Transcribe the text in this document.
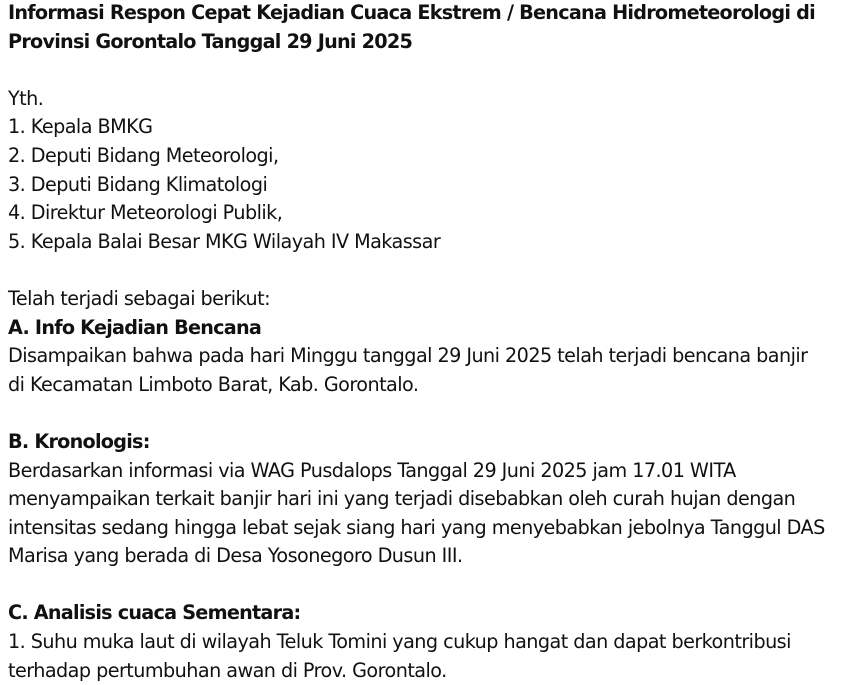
Informasi Respon Cepat Kejadian Cuaca Ekstrem / Bencana Hidrometeorologi di
Provinsi Gorontalo Tanggal 29 Juni 2025
Yth.
1. Kepala BMKG
2. Deputi Bidang Meteorologi,
3. Deputi Bidang Klimatologi
4. Direktur Meteorologi Publik,
5. Kepala Balai Besar MKG Wilayah IV Makassar
Telah terjadi sebagai berikut:
A. Info Kejadian Bencana
Disampaikan bahwa pada hari Minggu tanggal 29 Juni 2025 telah terjadi bencana banjir
di Kecamatan Limboto Barat, Kab. Gorontalo.
B. Kronologis:
Berdasarkan informasi via WAG Pusdalops Tanggal 29 Juni 2025 jam 17.01 WITA
menyampaikan terkait banjir hari ini yang terjadi disebabkan oleh curah hujan dengan
intensitas sedang hingga lebat sejak siang hari yang menyebabkan jebolnya Tanggul DAS
Marisa yang berada di Desa Yosonegoro Dusun III.
C. Analisis cuaca Sementara:
1. Suhu muka laut di wilayah Teluk Tomini yang cukup hangat dan dapat berkontribusi
terhadap pertumbuhan awan di Prov. Gorontalo.
